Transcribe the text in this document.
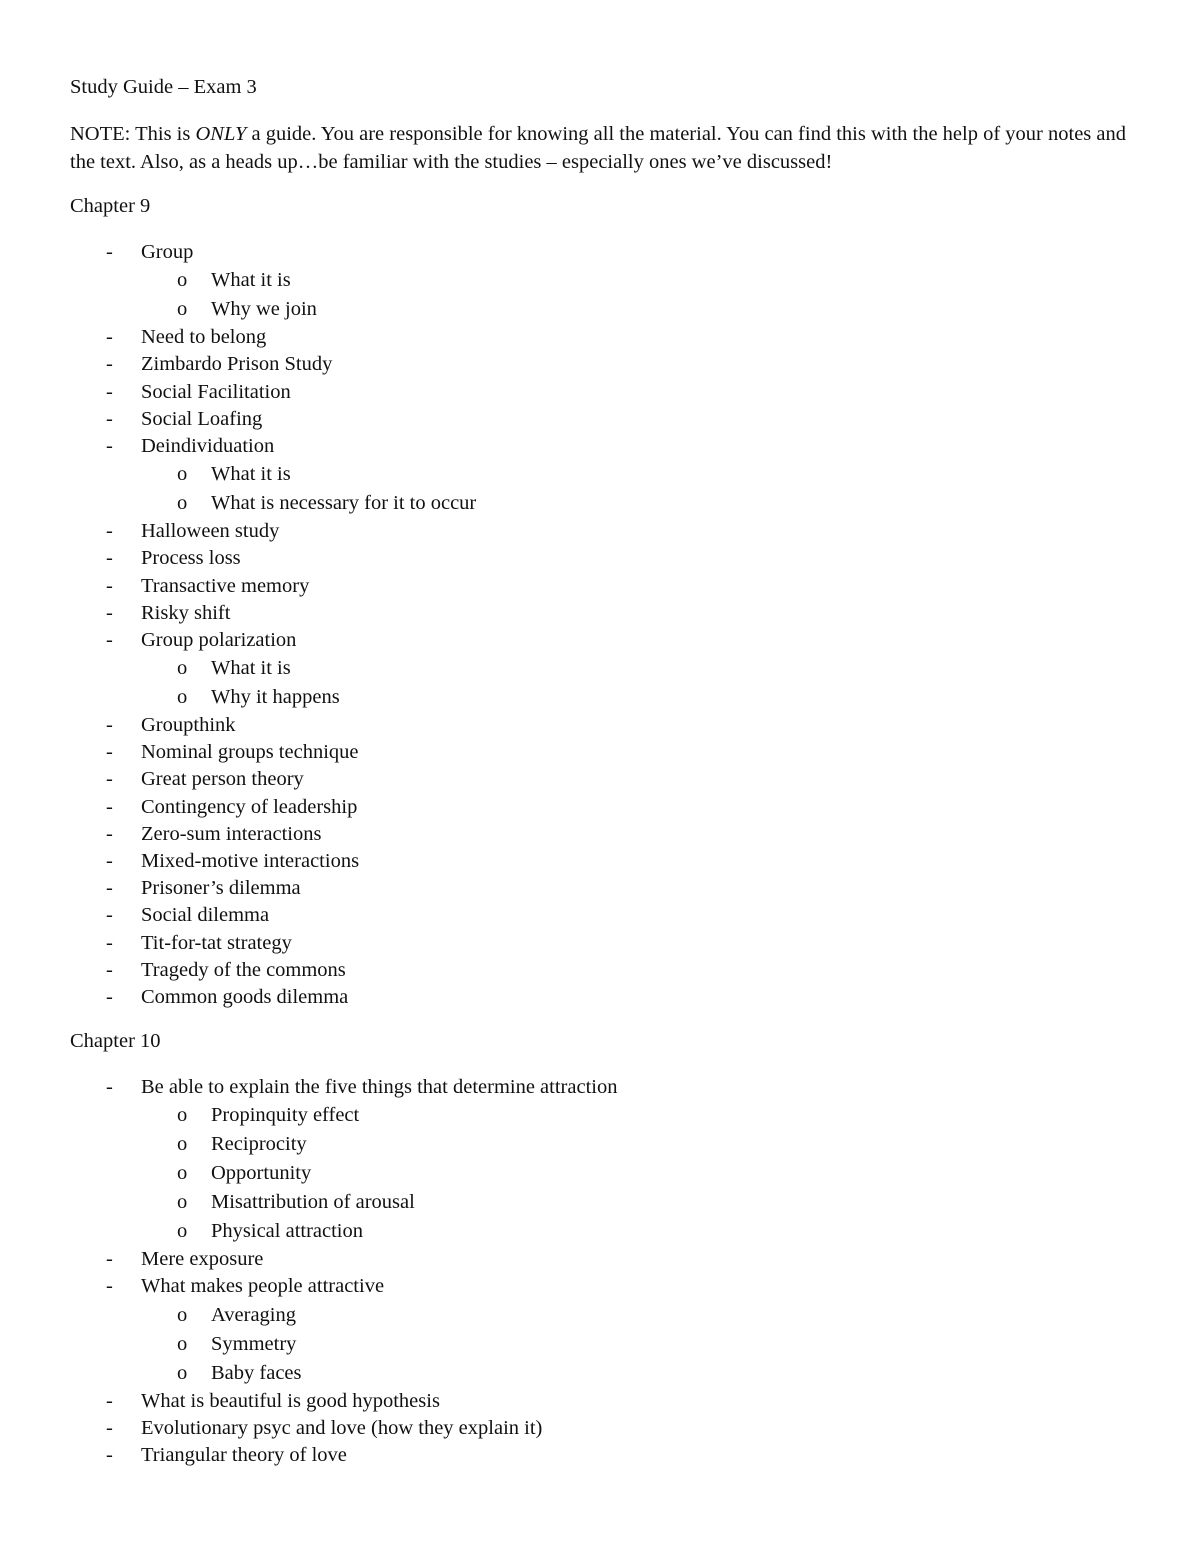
Study Guide – Exam 3
NOTE: This is ONLY a guide. You are responsible for knowing all the material. You can find this with the help of your notes and the text. Also, as a heads up…be familiar with the studies – especially ones we’ve discussed!
Chapter 9
- Group
o What it is
o Why we join
- Need to belong
- Zimbardo Prison Study
- Social Facilitation
- Social Loafing
- Deindividuation
o What it is
o What is necessary for it to occur
- Halloween study
- Process loss
- Transactive memory
- Risky shift
- Group polarization
o What it is
o Why it happens
- Groupthink
- Nominal groups technique
- Great person theory
- Contingency of leadership
- Zero-sum interactions
- Mixed-motive interactions
- Prisoner’s dilemma
- Social dilemma
- Tit-for-tat strategy
- Tragedy of the commons
- Common goods dilemma
Chapter 10
- Be able to explain the five things that determine attraction
o Propinquity effect
o Reciprocity
o Opportunity
o Misattribution of arousal
o Physical attraction
- Mere exposure
- What makes people attractive
o Averaging
o Symmetry
o Baby faces
- What is beautiful is good hypothesis
- Evolutionary psyc and love (how they explain it)
- Triangular theory of love
